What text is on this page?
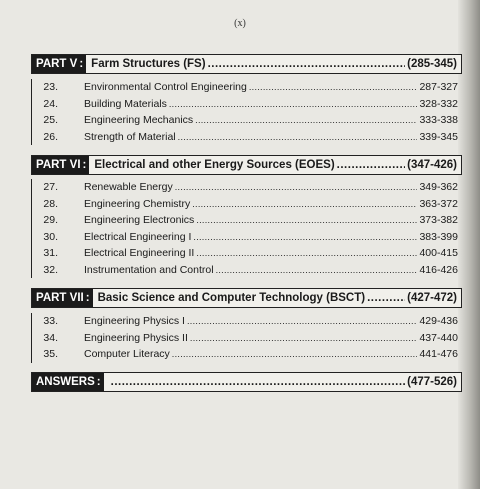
(x)
PART V : Farm Structures (FS) .....	(285-345)
23. Environmental Control Engineering .....	287-327
24. Building Materials .....	328-332
25. Engineering Mechanics .....	333-338
26. Strength of Material .....	339-345
PART VI : Electrical and other Energy Sources (EOES) .....	(347-426)
27. Renewable Energy .....	349-362
28. Engineering Chemistry .....	363-372
29. Engineering Electronics .....	373-382
30. Electrical Engineering I .....	383-399
31. Electrical Engineering II .....	400-415
32. Instrumentation and Control .....	416-426
PART VII : Basic Science and Computer Technology (BSCT) .....	(427-472)
33. Engineering Physics I .....	429-436
34. Engineering Physics II .....	437-440
35. Computer Literacy .....	441-476
ANSWERS : .....	(477-526)
